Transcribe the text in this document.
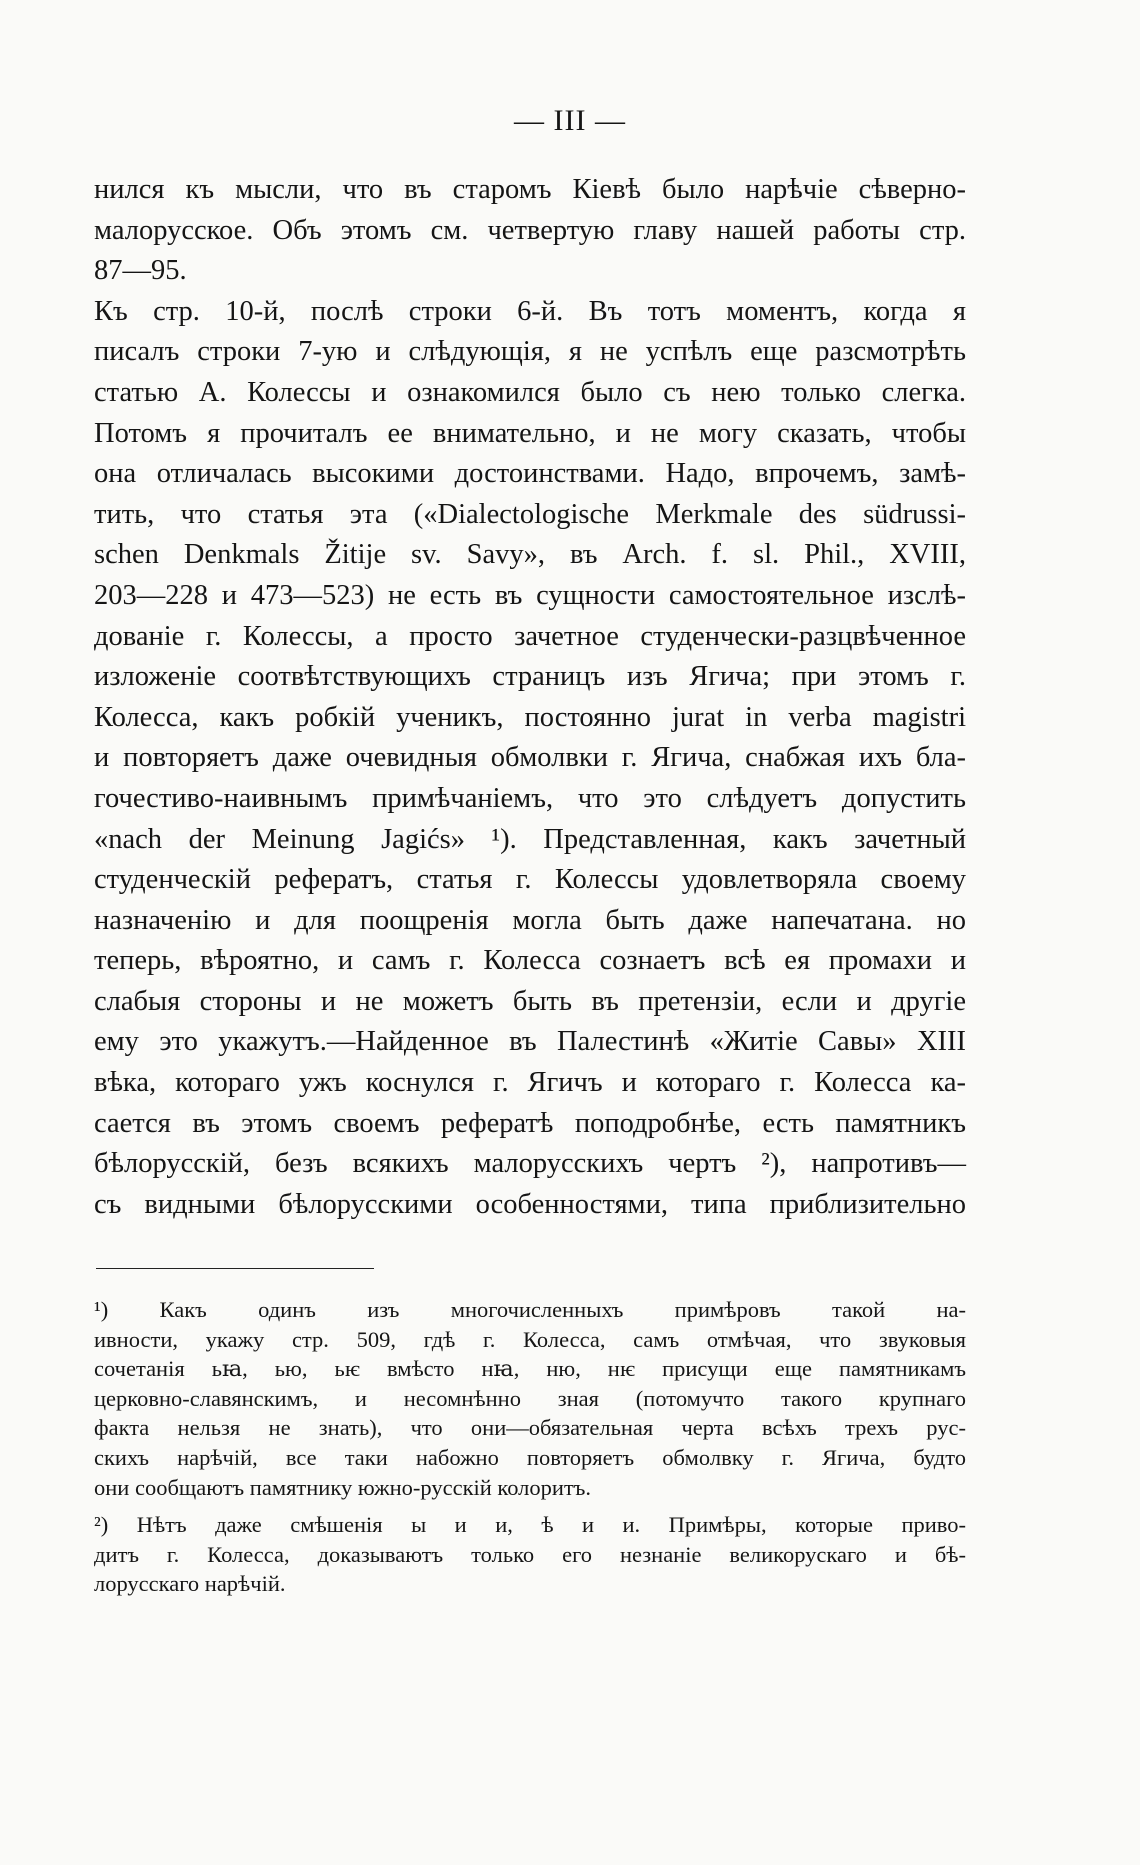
— III —
нился къ мысли, что въ старомъ Кіевѣ было нарѣчіе сѣверно-
малорусское. Объ этомъ см. четвертую главу нашей работы стр.
87—95.
Къ стр. 10-й, послѣ строки 6-й. Въ тотъ моментъ, когда я
писалъ строки 7-ую и слѣдующія, я не успѣлъ еще разсмотрѣть
статью А. Колессы и ознакомился было съ нею только слегка.
Потомъ я прочиталъ ее внимательно, и не могу сказать, чтобы
она отличалась высокими достоинствами. Надо, впрочемъ, замѣ-
тить, что статья эта («Dialectologische Merkmale des südrussi-
schen Denkmals Žitije sv. Savy», въ Arch. f. sl. Phil., XVIII,
203—228 и 473—523) не есть въ сущности самостоятельное изслѣ-
дованіе г. Колессы, а просто зачетное студенчески-разцвѣченное
изложеніе соотвѣтствующихъ страницъ изъ Ягича; при этомъ г.
Колесса, какъ робкій ученикъ, постоянно jurat in verba magistri
и повторяетъ даже очевидныя обмолвки г. Ягича, снабжая ихъ бла-
гочестиво-наивнымъ примѣчаніемъ, что это слѣдуетъ допустить
«nach der Meinung Jagićs» ¹). Представленная, какъ зачетный
студенческій рефератъ, статья г. Колессы удовлетворяла своему
назначенію и для поощренія могла быть даже напечатана. но
теперь, вѣроятно, и самъ г. Колесса сознаетъ всѣ ея промахи и
слабыя стороны и не можетъ быть въ претензіи, если и другіе
ему это укажутъ.—Найденное въ Палестинѣ «Житіе Савы» XIII
вѣка, котораго ужъ коснулся г. Ягичъ и котораго г. Колесса ка-
сается въ этомъ своемъ рефератѣ поподробнѣе, есть памятникъ
бѣлорусскій, безъ всякихъ малорусскихъ чертъ ²), напротивъ—
съ видными бѣлорусскими особенностями, типа приблизительно
¹) Какъ одинъ изъ многочисленныхъ примѣровъ такой на-
ивности, укажу стр. 509, гдѣ г. Колесса, самъ отмѣчая, что звуковыя
сочетанія ьꙗ, ью, ьѥ вмѣсто нꙗ, ню, нѥ присущи еще памятникамъ
церковно-славянскимъ, и несомнѣнно зная (потомучто такого крупнаго
факта нельзя не знать), что они—обязательная черта всѣхъ трехъ рус-
скихъ нарѣчій, все таки набожно повторяетъ обмолвку г. Ягича, будто
они сообщаютъ памятнику южно-русскій колоритъ.
²) Нѣтъ даже смѣшенія ы и и, ѣ и и. Примѣры, которые приво-
дитъ г. Колесса, доказываютъ только его незнаніе великорускаго и бѣ-
лорусскаго нарѣчій.
